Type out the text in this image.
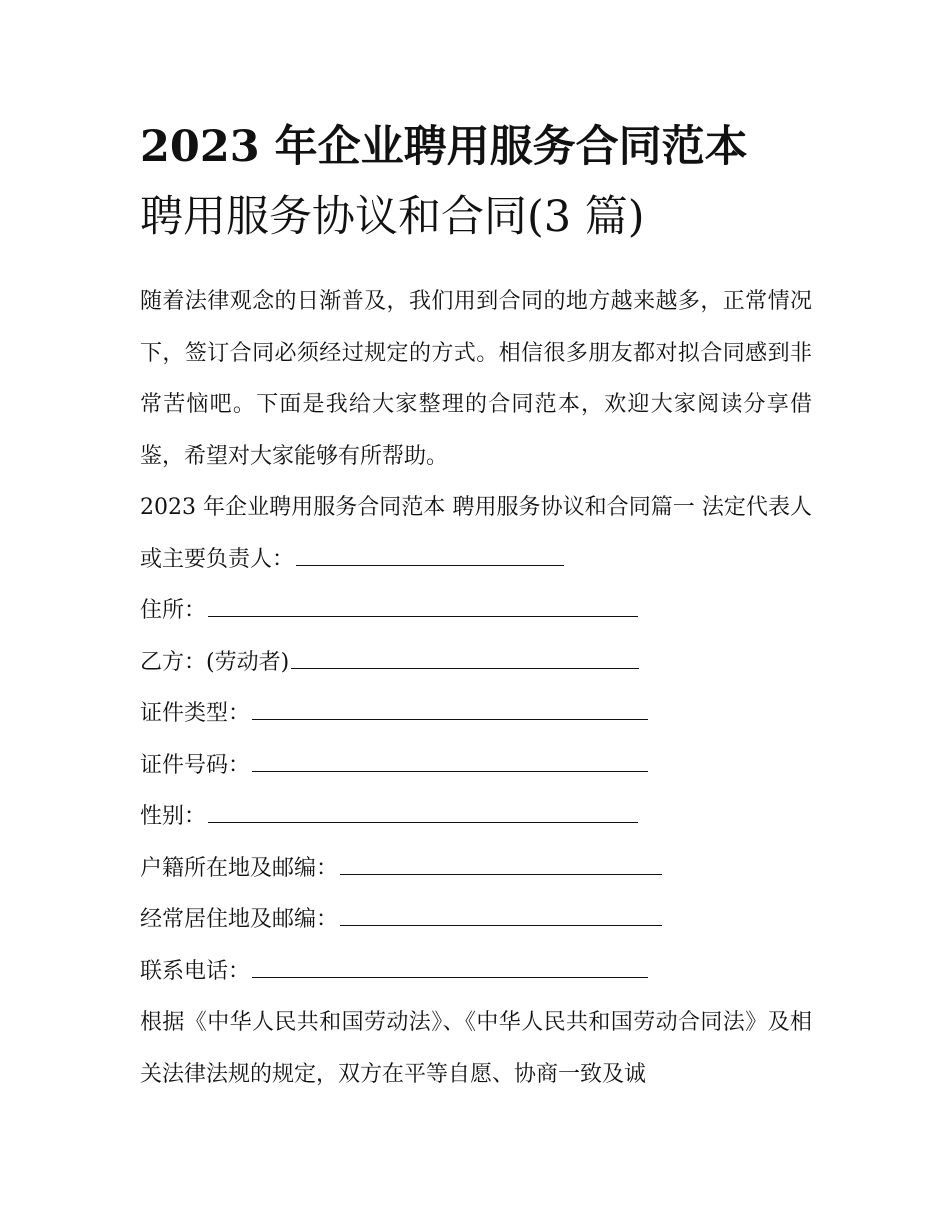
2023 年企业聘用服务合同范本
聘用服务协议和合同(3 篇)

随着法律观念的日渐普及，我们用到合同的地方越来越多，正常情况下，签订合同必须经过规定的方式。相信很多朋友都对拟合同感到非常苦恼吧。下面是我给大家整理的合同范本，欢迎大家阅读分享借鉴，希望对大家能够有所帮助。

2023 年企业聘用服务合同范本 聘用服务协议和合同篇一 法定代表人或主要负责人：

住所：

乙方：(劳动者)

证件类型：

证件号码：

性别：

户籍所在地及邮编：

经常居住地及邮编：

联系电话：

根据《中华人民共和国劳动法》、《中华人民共和国劳动合同法》及相关法律法规的规定，双方在平等自愿、协商一致及诚
